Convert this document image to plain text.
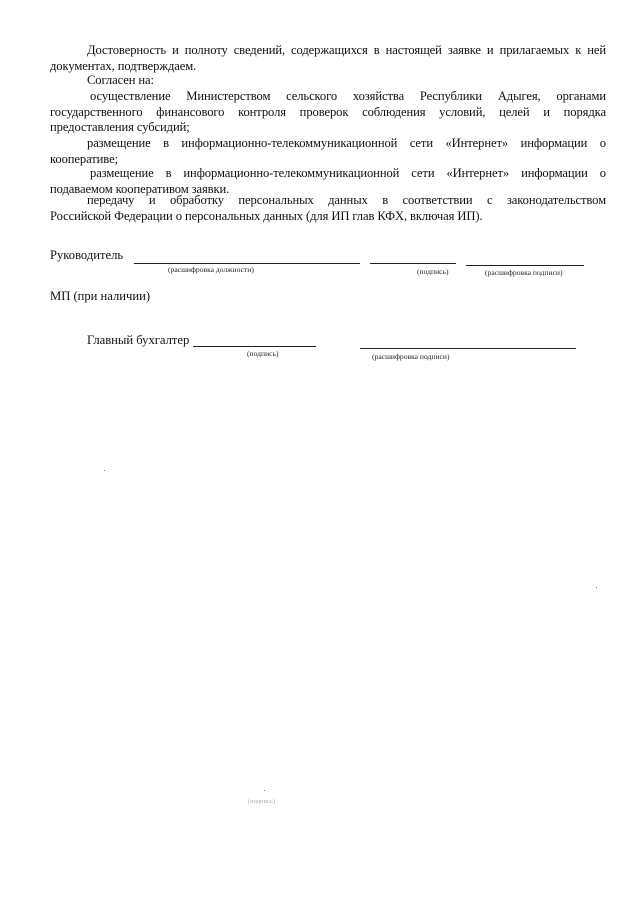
Достоверность и полноту сведений, содержащихся в настоящей заявке и прилагаемых к ней
документах, подтверждаем.
Согласен на:
осуществление Министерством сельского хозяйства Республики Адыгея, органами
государственного финансового контроля проверок соблюдения условий, целей и порядка
предоставления субсидий;
размещение в информационно-телекоммуникационной сети «Интернет» информации о
кооперативе;
размещение в информационно-телекоммуникационной сети «Интернет» информации о
подаваемом кооперативом заявки.
передачу и обработку персональных данных в соответствии с законодательством
Российской Федерации о персональных данных (для ИП глав КФХ, включая ИП).
Руководитель
(расшифровка должности)	(подпись)	(расшифровка подписи)
МП (при наличии)
Главный бухгалтер
(подпись)	(расшифровка подписи)
(подпись)
